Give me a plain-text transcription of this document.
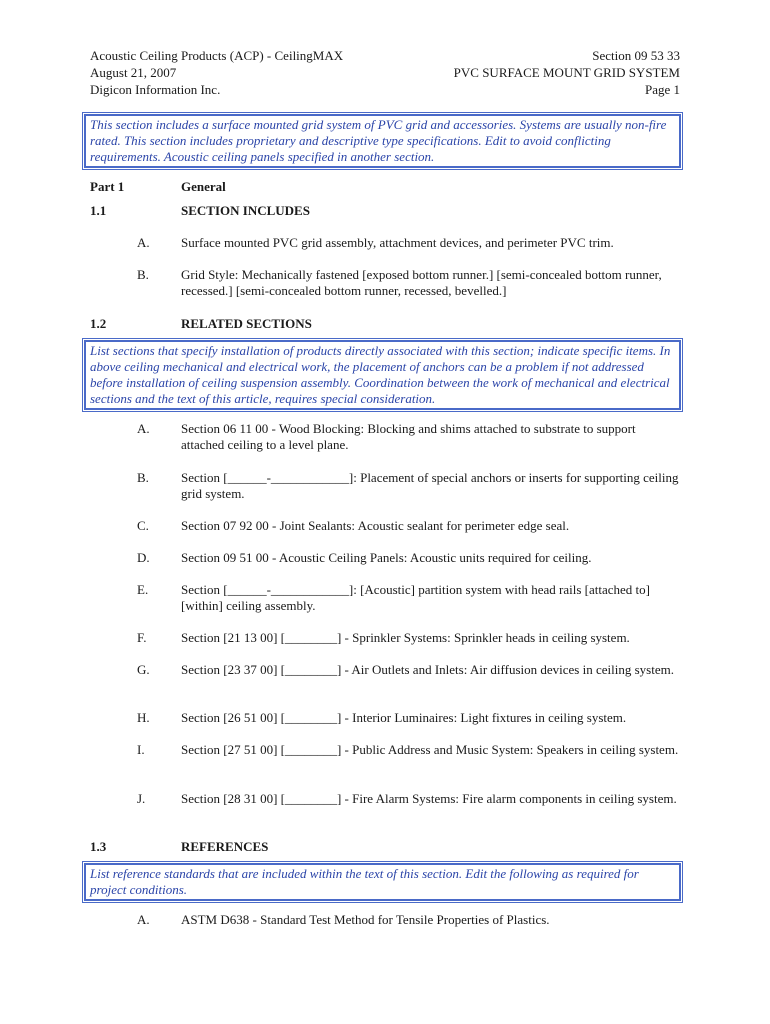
Acoustic Ceiling Products (ACP) - CeilingMAX
August 21, 2007
Digicon Information Inc.
Section 09 53 33
PVC SURFACE MOUNT GRID SYSTEM
Page 1
This section includes a surface mounted grid system of PVC grid and accessories. Systems are usually non-fire rated. This section includes proprietary and descriptive type specifications. Edit to avoid conflicting requirements. Acoustic ceiling panels specified in another section.
Part 1	General
1.1	SECTION INCLUDES
A. Surface mounted PVC grid assembly, attachment devices, and perimeter PVC trim.
B. Grid Style: Mechanically fastened [exposed bottom runner.] [semi-concealed bottom runner, recessed.] [semi-concealed bottom runner, recessed, bevelled.]
1.2	RELATED SECTIONS
List sections that specify installation of products directly associated with this section; indicate specific items. In above ceiling mechanical and electrical work, the placement of anchors can be a problem if not addressed before installation of ceiling suspension assembly. Coordination between the work of mechanical and electrical sections and the text of this article, requires special consideration.
A. Section 06 11 00 - Wood Blocking: Blocking and shims attached to substrate to support attached ceiling to a level plane.
B. Section [______-____________]: Placement of special anchors or inserts for supporting ceiling grid system.
C. Section 07 92 00 - Joint Sealants: Acoustic sealant for perimeter edge seal.
D. Section 09 51 00 - Acoustic Ceiling Panels: Acoustic units required for ceiling.
E.	Section [______-____________]: [Acoustic] partition system with head rails [attached to] [within] ceiling assembly.
F.	Section [21 13 00] [________] - Sprinkler Systems: Sprinkler heads in ceiling system.
G. Section [23 37 00] [________] - Air Outlets and Inlets: Air diffusion devices in ceiling system.
H. Section [26 51 00] [________] - Interior Luminaires: Light fixtures in ceiling system.
I.	Section [27 51 00] [________] - Public Address and Music System: Speakers in ceiling system.
J.	Section [28 31 00] [________] - Fire Alarm Systems: Fire alarm components in ceiling system.
1.3	REFERENCES
List reference standards that are included within the text of this section. Edit the following as required for project conditions.
A. ASTM D638 - Standard Test Method for Tensile Properties of Plastics.
